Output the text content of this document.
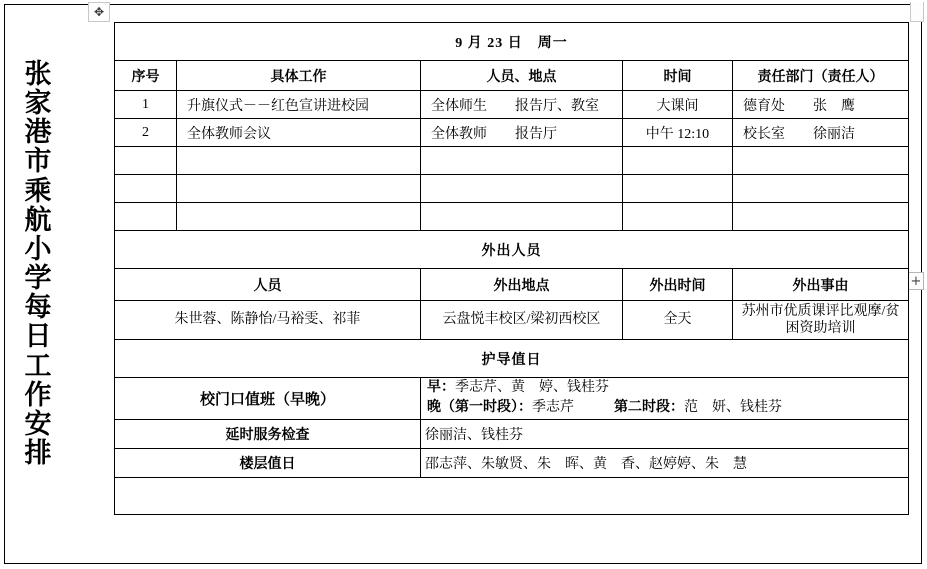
✥
+
张
家
港
市
乘
航
小
学
每
日
工
作
安
排
9 月 23 日　周一				
序号	具体工作	人员、地点	时间	责任部门（责任人）
1	升旗仪式－－红色宣讲进校园	全体师生　　报告厅、教室	大课间	德育处　　张　鹰
2	全体教师会议	全体教师　　报告厅	中午 12:10	校长室　　徐丽洁

外出人员				
人员		外出地点	外出时间	外出事由
朱世蓉、陈静怡/马裕雯、祁菲		云盘悦丰校区/梁初西校区	全天	苏州市优质课评比观摩/贫困资助培训
护导值日				
校门口值班（早晚）		早：季志芹、黄　婷、钱桂芬
晚（第一时段）：季志芹 第二时段：范　妍、钱桂芬		

延时服务检查		徐丽洁、钱桂芬		
楼层值日		邵志萍、朱敏贤、朱　晖、黄　香、赵婷婷、朱　慧		
